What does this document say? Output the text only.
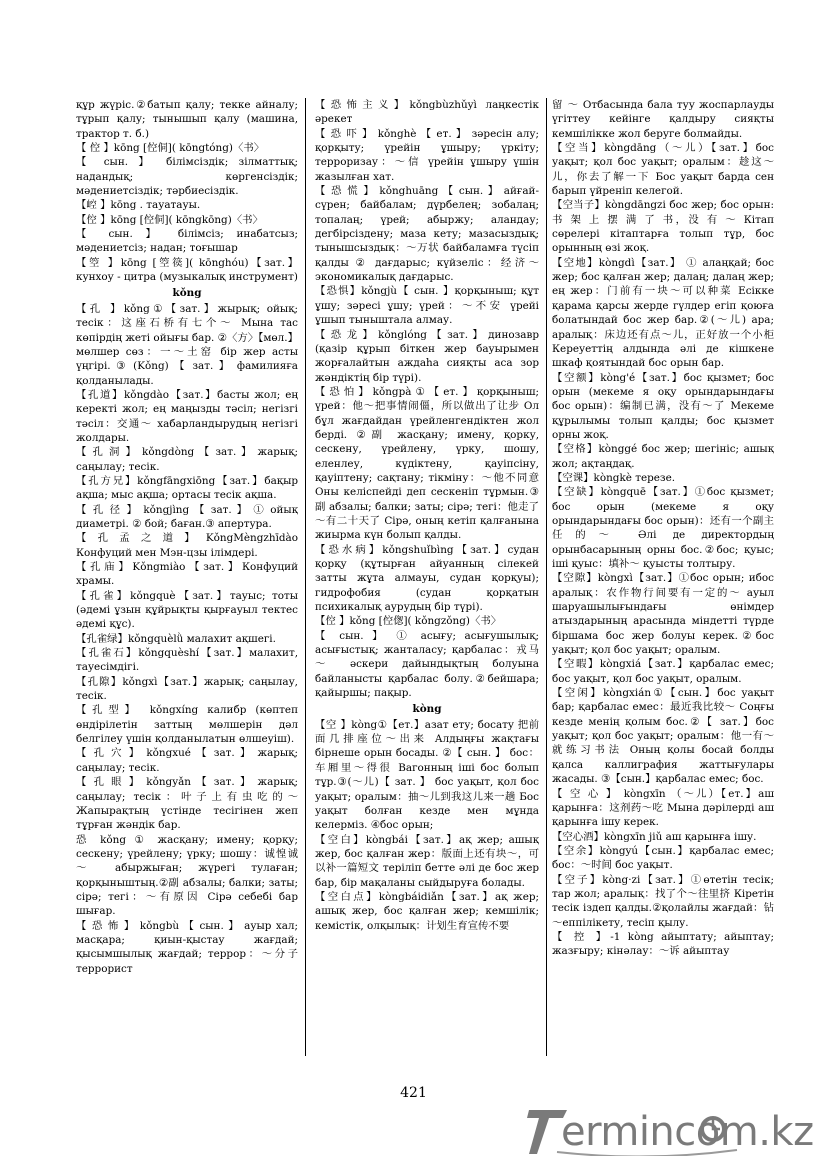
құр жүріс.②батып қалу; текке айналу; тұрып қалу; тынышып қалу (машина, трактор т. б.)

【 倥 】kōng [倥侗]( kōngtóng)〈书〉

【 сын. 】 білімсіздік; зілматтық; надандық; көргенсіздік; мәдениетсіздік; тәрбиесіздік.

【崆 】kōng . тауатауы.

【倥 】kōng [倥侗]( kōngkōng)〈书〉

【 сын. 】 білімсіз; инабатсыз; мәдениетсіз; надан; тоғышар

【箜 】kōng [箜篌]( kōnghóu)【зат.】 кунхоу - цитра (музыкалық инструмент)

kǒng

【孔 】kǒng①【зат.】жырық; ойық; тесік：这座石桥有七个～ Мына тас көпірдің жеті ойығы бар. ②〈方〉【мөл.】мөлшер сөз：一～土窑 бір жер асты үңгірі. ③ (Kǒng) 【 зат. 】 фамилияға қолданылады.

【孔道】kǒngdào【зат.】басты жол; ең керекті жол; ең маңызды тәсіл; негізгі тәсіл：交通～ хабарландырудың негізгі жолдары.

【 孔 洞 】 kǒngdòng 【 зат. 】 жарық; саңылау; тесік.

【孔方兄】kǒngfāngxiōng【зат.】бақыр ақша; мыс ақша; ортасы тесік ақша.

【 孔 径 】 kǒngjìng 【 зат. 】 ① ойық диаметрі. ② бой; баған.③ апертура.

【 孔 孟 之 道 】 KǒngMèngzhīdào Конфуций мен Мэн-цзы ілімдері.

【孔庙】Kǒngmiào【зат.】Конфуций храмы.

【孔雀】kǒngquè【зат.】тауыс; тоты (әдемі ұзын құйрықты қырғауыл тектес әдемі құс).

【孔雀绿】kǒngquèlǜ малахит ақшегі.

【孔雀石】kǒngquèshí【зат.】малахит, тауесімдігі.

【孔隙】kǒngxì【зат.】жарық; саңылау, тесік.

【孔型】 kǒngxíng калибр (көптеп өндірілетін заттың мөлшерін дәл белгілеу үшін қолданылатын өлшеуіш).

【 孔 穴 】 kǒngxué 【 зат. 】 жарық; саңылау; тесік.

【 孔 眼 】 kǒngyǎn 【 зат. 】 жарық; саңылау; тесік：叶子上有虫吃的～ Жапырақтың үстінде тесігінен жеп тұрған жәндік бар.

恐 kǒng ① жасқану; имену; қорқу; сескену; үрейлену; үрку; шошу：诚惶诚 ～ абыржыған; жүрегі тулаған; қорқыныштың.②副 абзалы; балки; заты; сірә; тегі：～有原因 Сірә себебі бар шығар.

【 恐 怖 】 kǒngbù 【 сын. 】 ауыр хал; масқара; қиын-қыстау жағдай; қысымшылық жағдай; террор：～分子 террорист

【恐怖主义】kǒngbùzhǔyì лаңкестік әрекет

【 恐 吓 】 kǒnghè 【 ет. 】 зәресін алу; қорқыту; үрейін ұшыру; үркіту; терроризау：～信 үрейін ұшыру үшін жазылған хат.

【 恐 慌 】 kǒnghuāng 【 сын. 】 айғай-сүрен; байбалам; дүрбелең; зобалаң; топалаң; үрей; абыржу; аландау; дегбірсіздену; маза кету; мазасыздық; тынышсыздық：～万状 байбаламға түсіп қалды ② дағдарыс; күйзеліс：经济～ экономикалық дағдарыс.

【恐惧】kǒngjù【 сын. 】қорқыныш; құт ұшу; зәресі ұшу; үрей：～不安 үрейі ұшып тынышталa алмау.

【 恐 龙 】 kǒnglóng 【 зат. 】 динозавр (қазір құрып біткен жер бауырымен жорғалайтын аждаһа сияқты аса зор жәндіктің бір түрі).

【恐怕】kǒngpà①【ет.】қорқыныш; үрей：他～把事情闹僵，所以做出了让步 Ол бұл жағдайдан үрейленгендіктен жол берді. ②副 жасқану; имену, қорку, сескену, үрейлену, үрку, шошу, еленлеу, күдіктену, қауіпсіну, қауіптену; сақтану; тікміну：～他不同意 Оны келіспейді деп сескеніп тұрмын.③副 абзалы; балки; заты; сірә; тегі：他走了～有二十天了 Сірә, оның кетіп қалғанына жиырма күн болып қалды.

【恐水病】kǒngshuǐbìng【зат.】судан қорқу (құтырған айуанның сілекей затты жұта алмауы, судан қорқуы); гидрофобия (судан қорқатын психикалық аурудың бір түрі).

【倥 】kǒng [倥偬]( kǒngzǒng)〈书〉

【 сын. 】 ① асығу; асығушылық; асығыстық; жанталасу; қарбалас：戎马～ әскери дайындықтың болуына байланысты қарбалас болу.②бейшара; қайыршы; пақыр.

kòng

【空 】kòng①【ет.】азат ету; босату 把前面几排座位～出来 Алдыңғы жақтағы бірнеше орын босады. ②【 сын. 】 бос：车厢里～得很 Вагонның іші бос болып тұр.③(～儿)【 зат. 】 бос уақыт, қол бос уақыт; оралым：抽～儿到我这儿来一趟 Бос уақыт болған кезде мен мұнда келерміз. ④бос орын;

【空白】kòngbái【зат.】ақ жер; ашық жер, бос қалған жер：版面上还有块～，可以补一篇短文 теріліп бетте әлі де бос жер бар, бір мақаланы сыйдыруға болады.

【空白点】kòngbáidiǎn【зат.】ақ жер; ашық жер, бос қалған жер; кемшілік; кемістік, олқылық：计划生育宣传不要

留 ～ Отбасында бала туу жоспарлауды үгіттеу кейінге қалдыру сияқты кемшілікке жол беруге болмайды.

【空当】kòngdāng（～儿）【зат.】бос уақыт; қол бос уақыт; оралым：趁这～儿，你去了解一下 Бос уақыт барда сен барып үйреніп келегой.

【空当子】kòngdāngzi бос жер; бос орын: 书 架 上 摆 满 了 书，没 有 ～ Кітап сөрелері кітаптарға толып тұр, бос орынның өзі жоқ.

【空地】kòngdì【зат.】 ① алаңқай; бос жер; бос қалған жер; далаң; далаң жер; ең жер：门前有一块～可以种菜 Есікке қарама қарсы жерде гүлдер егіп қоюға болатындай бос жер бар.②(～儿) ара; аралық：床边还有点～儿，正好放一个小柜 Кереуеттің алдында әлі де кішкене шкаф қоятындай бос орын бар.

【空额】kòng'é【зат.】бос қызмет; бос орын (мекеме я оқу орындарындағы бос орын)：编制已满，没有～了 Мекеме құрылымы толып қалды; бос қызмет орны жоқ.

【空格】kònggé бос жер; шегініс; ашық жол; ақтаңдақ.

【空课】kòngkè терезе.

【空缺】kòngquē【зат.】①бос қызмет; бос орын (мекеме я оқу орындарындағы бос орын)：还有一个副主任的～ Әлі де директордың орынбасарының орны бос.②бос; қуыс; іші қуыс：填补～ қуысты толтыру.

【空隙】kòngxì【зат.】①бос орын; ибос аралық：农作物行间要有一定的～ ауыл шаруашылығындағы өнімдер атыздарының арасында міндетті түрде біршама бос жер болуы керек.②бос уақыт; қол бос уақыт; оралым.

【空暇】kòngxiá【зат.】қарбалас емес; бос уақыт, қол бос уақыт, оралым.

【空闲】kòngxián①【сын.】бос уақыт бар; қарбалас емес：最近我比较～ Соңғы кезде менің қолым бос.②【 зат.】бос уақыт; қол бос уақыт; оралым：他一有～就练习书法 Оның қолы босай болды қалса каллиграфия жаттығулары жасады. ③【сын.】қарбалас емес; бос.

【 空 心 】 kòngxīn （～儿）【ет.】аш қарынға：这剂药～吃 Мына дәрілерді аш қарынға ішу керек.

【空心酒】kòngxīn jiǔ аш қарынға ішу.

【空余】kòngyú【сын.】қарбалас емес; бос：～时间 бос уақыт.

【空子】kòng·zi【зат.】①өтетін тесік; тар жол; аралық：找了个～往里挤 Кіретін тесік іздеп қалды.②қолайлы жағдай：钻～еппілікету, тесіп қылу.

【 控 】-1 kòng айыптату; айыптау; жазғыру; кінәлау：～诉 айыптау

421
ermincom.kz
